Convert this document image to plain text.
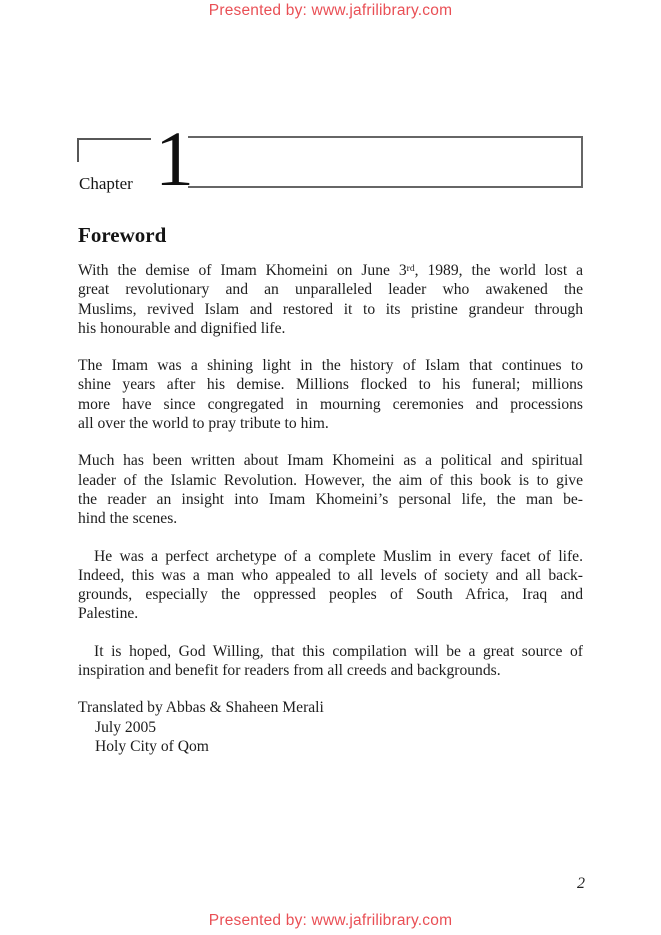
Presented by: www.jafrilibrary.com
Chapter 1
Foreword
With the demise of Imam Khomeini on June 3rd, 1989, the world lost a
great revolutionary and an unparalleled leader who awakened the
Muslims, revived Islam and restored it to its pristine grandeur through
his honourable and dignified life.
The Imam was a shining light in the history of Islam that continues to
shine years after his demise. Millions flocked to his funeral; millions
more have since congregated in mourning ceremonies and processions
all over the world to pray tribute to him.
Much has been written about Imam Khomeini as a political and spiritual
leader of the Islamic Revolution. However, the aim of this book is to give
the reader an insight into Imam Khomeini’s personal life, the man be-
hind the scenes.
He was a perfect archetype of a complete Muslim in every facet of life.
Indeed, this was a man who appealed to all levels of society and all back-
grounds, especially the oppressed peoples of South Africa, Iraq and
Palestine.
It is hoped, God Willing, that this compilation will be a great source of
inspiration and benefit for readers from all creeds and backgrounds.
Translated by Abbas & Shaheen Merali
July 2005
Holy City of Qom
2
Presented by: www.jafrilibrary.com
